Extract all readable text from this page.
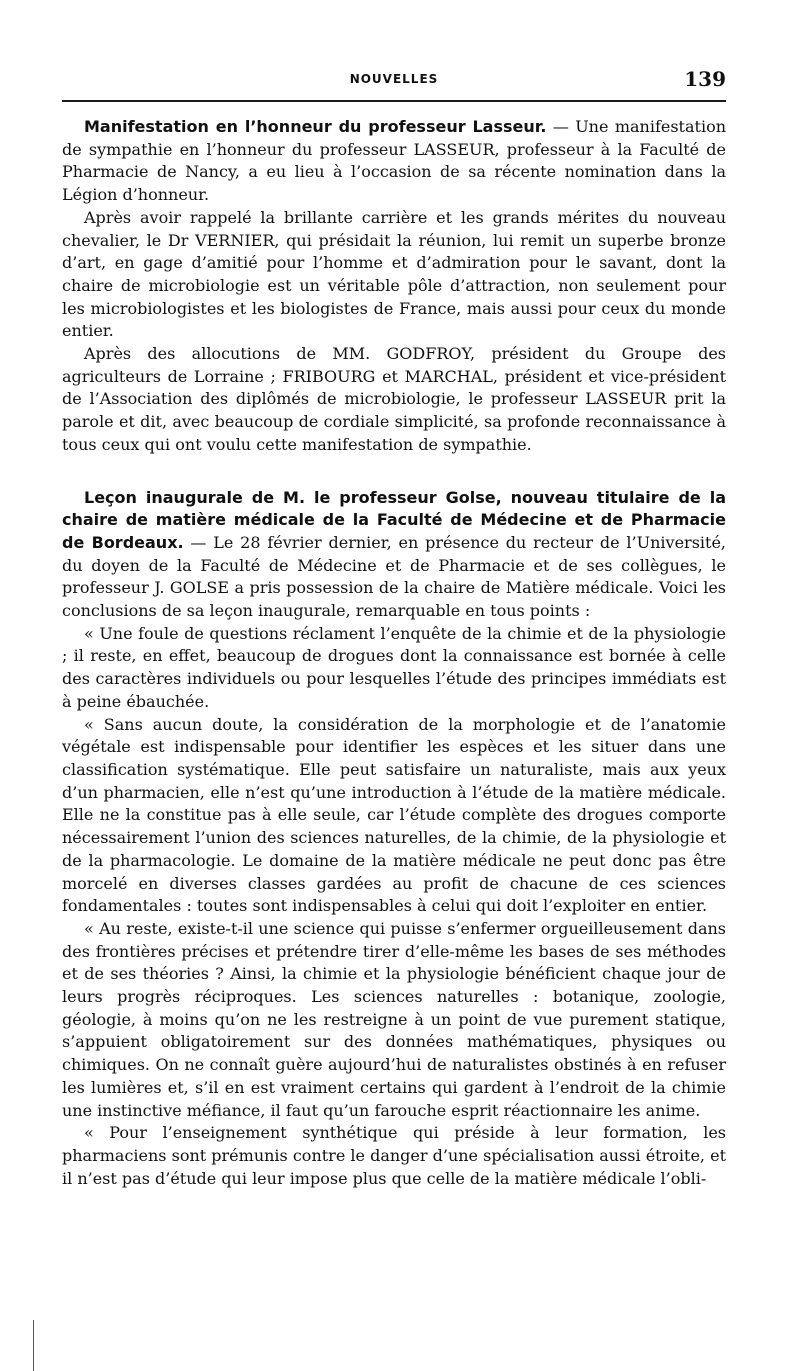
NOUVELLES	139

Manifestation en l’honneur du professeur Lasseur. — Une manifestation de sympathie en l’honneur du professeur LASSEUR, professeur à la Faculté de Pharmacie de Nancy, a eu lieu à l’occasion de sa récente nomination dans la Légion d’honneur.

Après avoir rappelé la brillante carrière et les grands mérites du nouveau chevalier, le Dr VERNIER, qui présidait la réunion, lui remit un superbe bronze d’art, en gage d’amitié pour l’homme et d’admiration pour le savant, dont la chaire de microbiologie est un véritable pôle d’attraction, non seulement pour les microbiologistes et les biologistes de France, mais aussi pour ceux du monde entier.

Après des allocutions de MM. GODFROY, président du Groupe des agriculteurs de Lorraine ; FRIBOURG et MARCHAL, président et vice-président de l’Association des diplômés de microbiologie, le professeur LASSEUR prit la parole et dit, avec beaucoup de cordiale simplicité, sa profonde reconnaissance à tous ceux qui ont voulu cette manifestation de sympathie.

Leçon inaugurale de M. le professeur Golse, nouveau titulaire de la chaire de matière médicale de la Faculté de Médecine et de Pharmacie de Bordeaux. — Le 28 février dernier, en présence du recteur de l’Université, du doyen de la Faculté de Médecine et de Pharmacie et de ses collègues, le professeur J. GOLSE a pris possession de la chaire de Matière médicale. Voici les conclusions de sa leçon inaugurale, remarquable en tous points :

« Une foule de questions réclament l’enquête de la chimie et de la physiologie ; il reste, en effet, beaucoup de drogues dont la connaissance est bornée à celle des caractères individuels ou pour lesquelles l’étude des principes immédiats est à peine ébauchée.

« Sans aucun doute, la considération de la morphologie et de l’anatomie végétale est indispensable pour identifier les espèces et les situer dans une classification systématique. Elle peut satisfaire un naturaliste, mais aux yeux d’un pharmacien, elle n’est qu’une introduction à l’étude de la matière médicale. Elle ne la constitue pas à elle seule, car l’étude complète des drogues comporte nécessairement l’union des sciences naturelles, de la chimie, de la physiologie et de la pharmacologie. Le domaine de la matière médicale ne peut donc pas être morcelé en diverses classes gardées au profit de chacune de ces sciences fondamentales : toutes sont indispensables à celui qui doit l’exploiter en entier.

« Au reste, existe-t-il une science qui puisse s’enfermer orgueilleusement dans des frontières précises et prétendre tirer d’elle-même les bases de ses méthodes et de ses théories ? Ainsi, la chimie et la physiologie bénéficient chaque jour de leurs progrès réciproques. Les sciences naturelles : botanique, zoologie, géologie, à moins qu’on ne les restreigne à un point de vue purement statique, s’appuient obligatoirement sur des données mathématiques, physiques ou chimiques. On ne connaît guère aujourd’hui de naturalistes obstinés à en refuser les lumières et, s’il en est vraiment certains qui gardent à l’endroit de la chimie une instinctive méfiance, il faut qu’un farouche esprit réactionnaire les anime.

« Pour l’enseignement synthétique qui préside à leur formation, les pharmaciens sont prémunis contre le danger d’une spécialisation aussi étroite, et il n’est pas d’étude qui leur impose plus que celle de la matière médicale l’obli-
